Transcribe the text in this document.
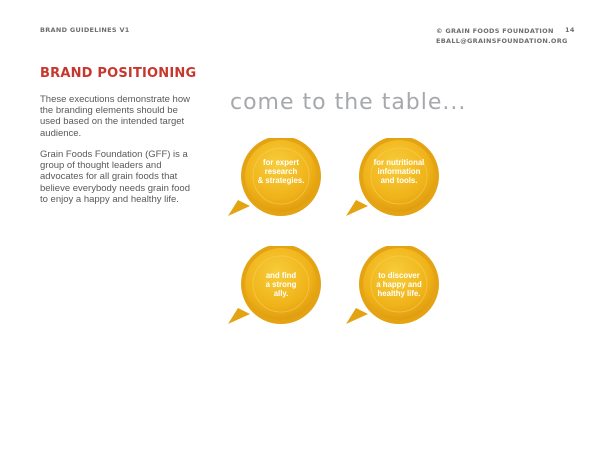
BRAND GUIDELINES V1	© GRAIN FOODS FOUNDATION
EBALL@GRAINSFOUNDATION.ORG
14
BRAND POSITIONING

These executions demonstrate how the branding elements should be used based on the intended target audience.

Grain Foods Foundation (GFF) is a group of thought leaders and advocates for all grain foods that believe everybody needs grain food to enjoy a happy and healthy life.

come to the table...
for expert
research
& strategies.
for nutritional
information
and tools.
and find
a strong
ally.
to discover
a happy and
healthy life.
